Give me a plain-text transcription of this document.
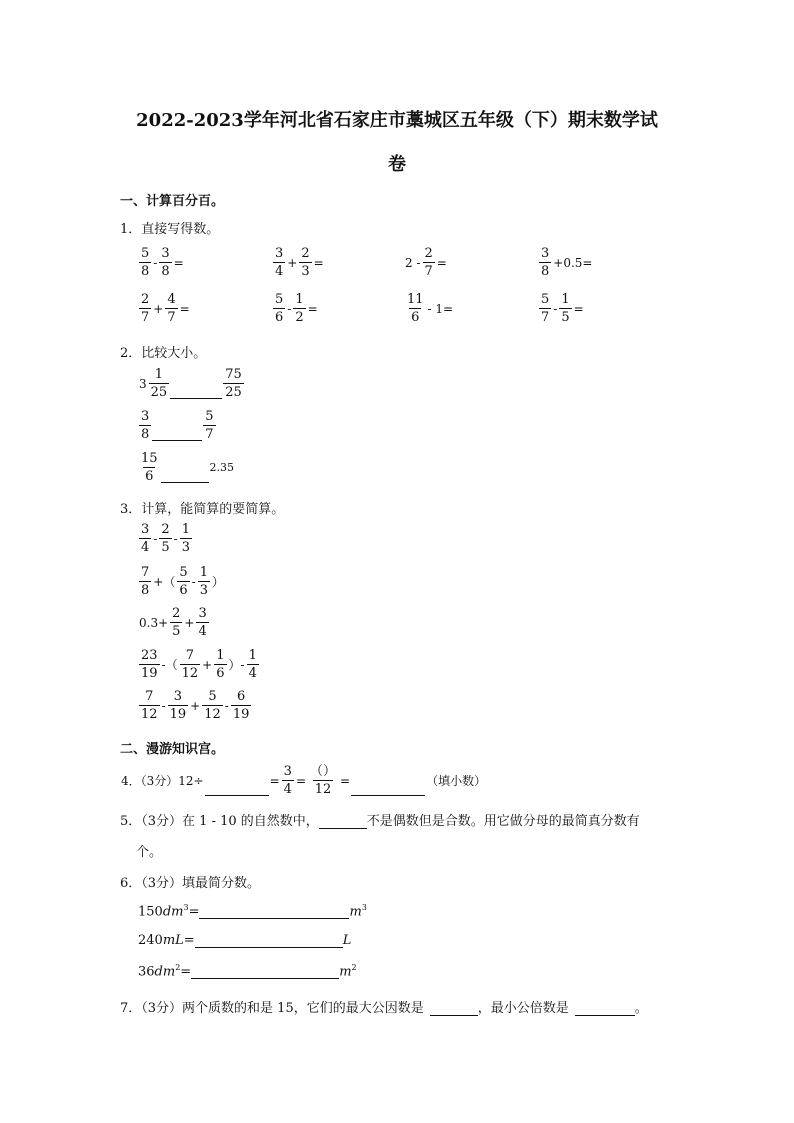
2022-2023学年河北省石家庄市藁城区五年级（下）期末数学试
卷
一、计算百分百。
1．直接写得数。
$\frac{5}{8} - \frac{3}{8}$ =	$\frac{3}{4} + \frac{2}{3}$ =	$2 - \frac{2}{7}$ =	$\frac{3}{8} +0.5=$
$\frac{2}{7} + \frac{4}{7}$ =	$\frac{5}{6} - \frac{1}{2}$ =	$\frac{11}{6} - 1=$	$\frac{5}{7} - \frac{1}{5}$ =
2．比较大小。
$3 \frac{1}{25}$	$\frac{75}{25}$
$\frac{3}{8}$	$\frac{5}{7}$
$\frac{15}{6}$	2.35
3．计算，能简算的要简算。
$\frac{3}{4} - \frac{2}{5} - \frac{1}{3}$
$\frac{7}{8}$ +（ $\frac{5}{6} - \frac{1}{3}$ ）
$0.3+ \frac{2}{5} + \frac{3}{4}$
$\frac{23}{19}$ -（ $\frac{7}{12} + \frac{1}{6}$ ）- $\frac{1}{4}$
$\frac{7}{12} - \frac{3}{19} + \frac{5}{12} - \frac{6}{19}$
二、漫游知识宫。
4．（3分）12÷	= $\frac{3}{4} = \frac{()}{12}$ =	（填小数）
5．（3分）在 1 - 10 的自然数中，	不是偶数但是合数。用它做分母的最简真分数有
个。
6．（3分）填最简分数。
$150dm^3=$	$m^3$
240mL=	L
$36dm^2=$	$m^2$
7．（3分）两个质数的和是 15，它们的最大公因数是	，最小公倍数是	。
